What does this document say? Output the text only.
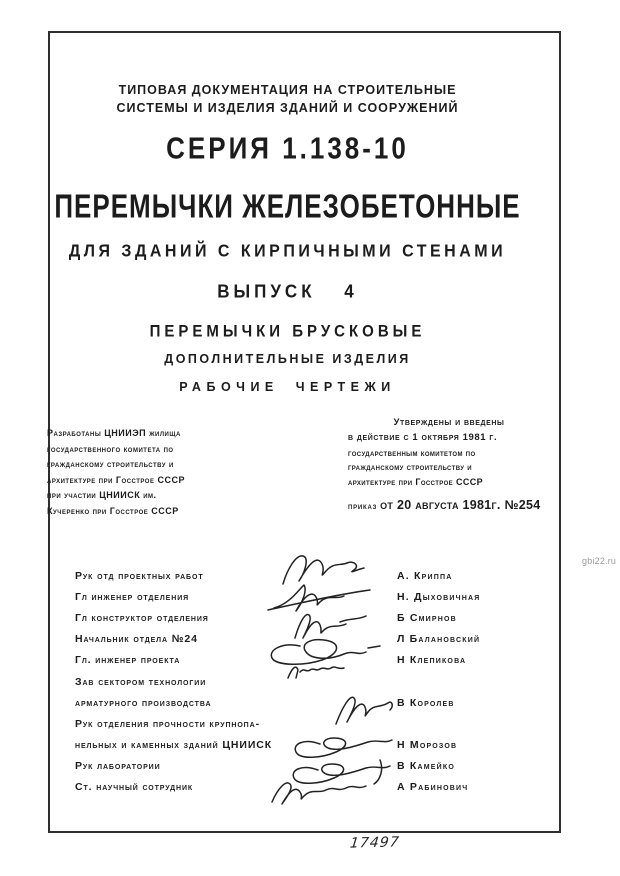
ТИПОВАЯ ДОКУМЕНТАЦИЯ НА СТРОИТЕЛЬНЫЕ
СИСТЕМЫ И ИЗДЕЛИЯ ЗДАНИЙ И СООРУЖЕНИЙ
СЕРИЯ 1.138-10
ПЕРЕМЫЧКИ ЖЕЛЕЗОБЕТОННЫЕ
ДЛЯ ЗДАНИЙ С КИРПИЧНЫМИ СТЕНАМИ
ВЫПУСК 4
ПЕРЕМЫЧКИ БРУСКОВЫЕ
ДОПОЛНИТЕЛЬНЫЕ ИЗДЕЛИЯ
РАБОЧИЕ ЧЕРТЕЖИ
Разработаны ЦНИИЭП жилища
государственного комитета по
гражданскому строительству и
архитектуре при Госстрое СССР
при участии ЦНИИСК им.
Кучеренко при Госстрое СССР
Утверждены и введены
в действие с 1 октября 1981 г.
государственным комитетом по
гражданскому строительству и
архитектуре при Госстрое СССР
приказ от 20 августа 1981г. №254
Рук отд проектных работ	А. Криппа
Гл инженер отделения	Н. Дыховичная
Гл конструктор отделения	Б Смирнов
Начальник отдела №24	Л Балановский
Гл. инженер проекта	Н Клепикова
Зав сектором технологии
арматурного производства	В Королев
Рук отделения прочности крупнопа-
нельных и каменных зданий ЦНИИСК	Н Морозов
Рук лаборатории	В Камейко
Ст. научный сотрудник	А Рабинович
17497
gbi22.ru
